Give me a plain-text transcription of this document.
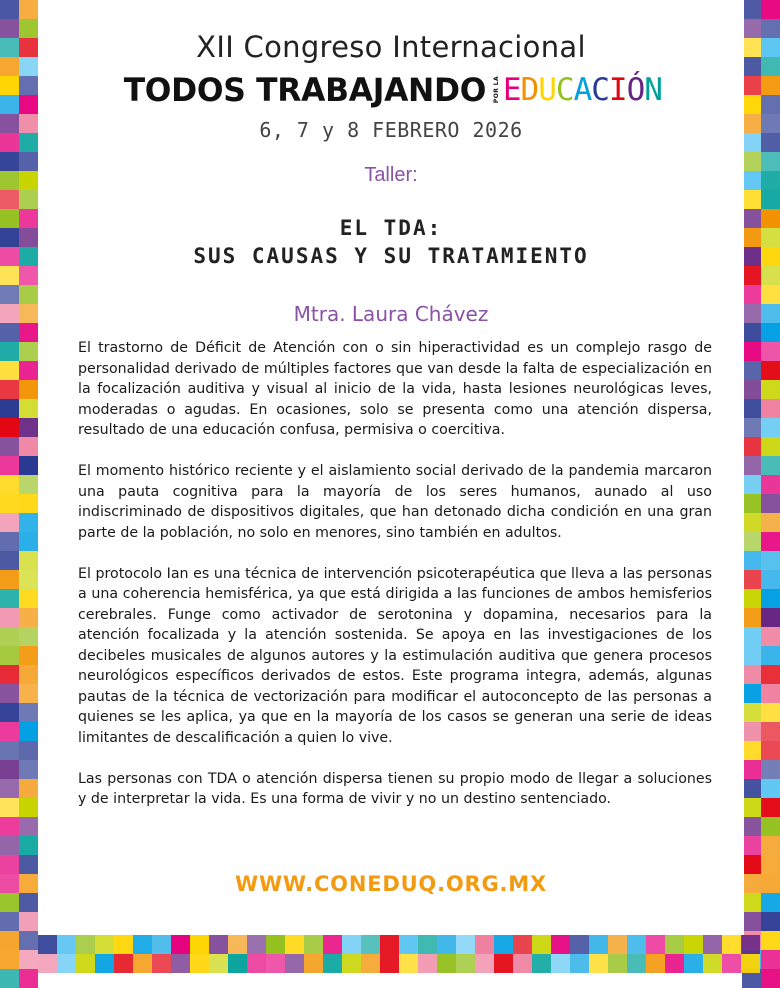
XII Congreso Internacional
TODOS TRABAJANDO POR LA E D U C A C I Ó N
6, 7 y 8 FEBRERO 2026
Taller:
EL TDA:
SUS CAUSAS Y SU TRATAMIENTO
Mtra. Laura Chávez

El trastorno de Déficit de Atención con o sin hiperactividad es un complejo rasgo de personalidad derivado de múltiples factores que van desde la falta de especialización en la focalización auditiva y visual al inicio de la vida, hasta lesiones neurológicas leves, moderadas o agudas. En ocasiones, solo se presenta como una atención dispersa, resultado de una educación confusa, permisiva o coercitiva.

El momento histórico reciente y el aislamiento social derivado de la pandemia marcaron una pauta cognitiva para la mayoría de los seres humanos, aunado al uso indiscriminado de dispositivos digitales, que han detonado dicha condición en una gran parte de la población, no solo en menores, sino también en adultos.

El protocolo Ian es una técnica de intervención psicoterapéutica que lleva a las personas a una coherencia hemisférica, ya que está dirigida a las funciones de ambos hemisferios cerebrales. Funge como activador de serotonina y dopamina, necesarios para la atención focalizada y la atención sostenida. Se apoya en las investigaciones de los decibeles musicales de algunos autores y la estimulación auditiva que genera procesos neurológicos específicos derivados de estos. Este programa integra, además, algunas pautas de la técnica de vectorización para modificar el autoconcepto de las personas a quienes se les aplica, ya que en la mayoría de los casos se generan una serie de ideas limitantes de descalificación a quien lo vive.

Las personas con TDA o atención dispersa tienen su propio modo de llegar a soluciones y de interpretar la vida. Es una forma de vivir y no un destino sentenciado.

WWW.CONEDUQ.ORG.MX
